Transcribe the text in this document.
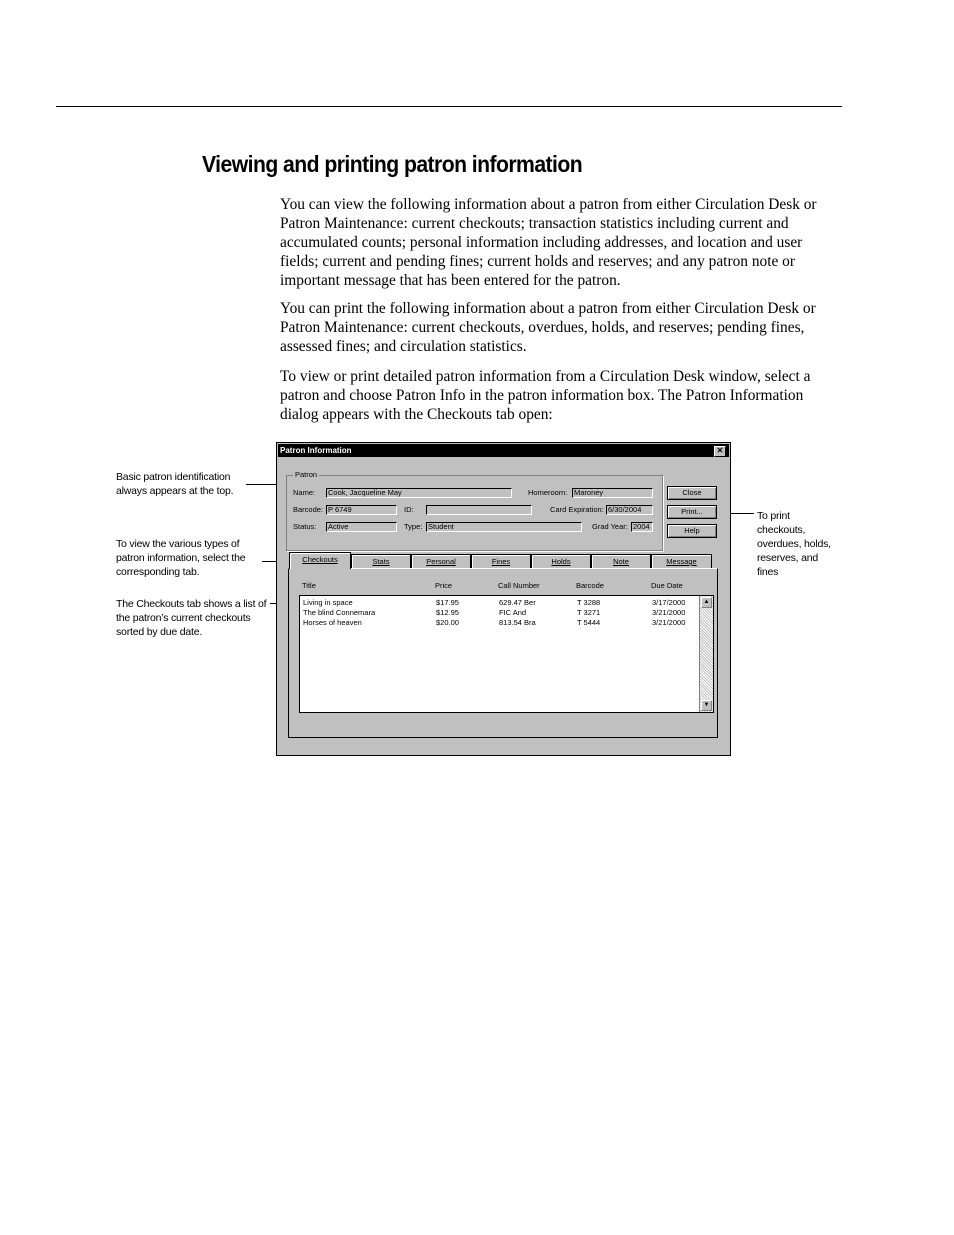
Viewing and printing patron information

You can view the following information about a patron from either Circulation Desk or Patron Maintenance: current checkouts; transaction statistics including current and accumulated counts; personal information including addresses, and location and user fields; current and pending fines; current holds and reserves; and any patron note or important message that has been entered for the patron.

You can print the following information about a patron from either Circulation Desk or Patron Maintenance: current checkouts, overdues, holds, and reserves; pending fines, assessed fines; and circulation statistics.

To view or print detailed patron information from a Circulation Desk window, select a patron and choose Patron Info in the patron information box. The Patron Information dialog appears with the Checkouts tab open:

Basic patron identification always appears at the top.

To view the various types of patron information, select the corresponding tab.

The Checkouts tab shows a list of the patron’s current checkouts sorted by due date.

To print checkouts, overdues, holds, reserves, and fines

Patron Information	✕
Patron
Name: Cook, Jacqueline May	Homeroom: Maroney
Barcode: P 6749	ID:	Card Expiration: 6/30/2004
Status: Active	Type: Student	Grad Year: 2004
Close
Print...
Help
Checkouts	Stats	Personal	Fines	Holds	Note	Message
Title	Price	Call Number	Barcode	Due Date
Living in space	$17.95	629.47 Ber	T 3288	3/17/2000
The blind Connemara	$12.95	FIC And	T 3271	3/21/2000
Horses of heaven	$20.00	813.54 Bra	T 5444	3/21/2000
▲
▼
